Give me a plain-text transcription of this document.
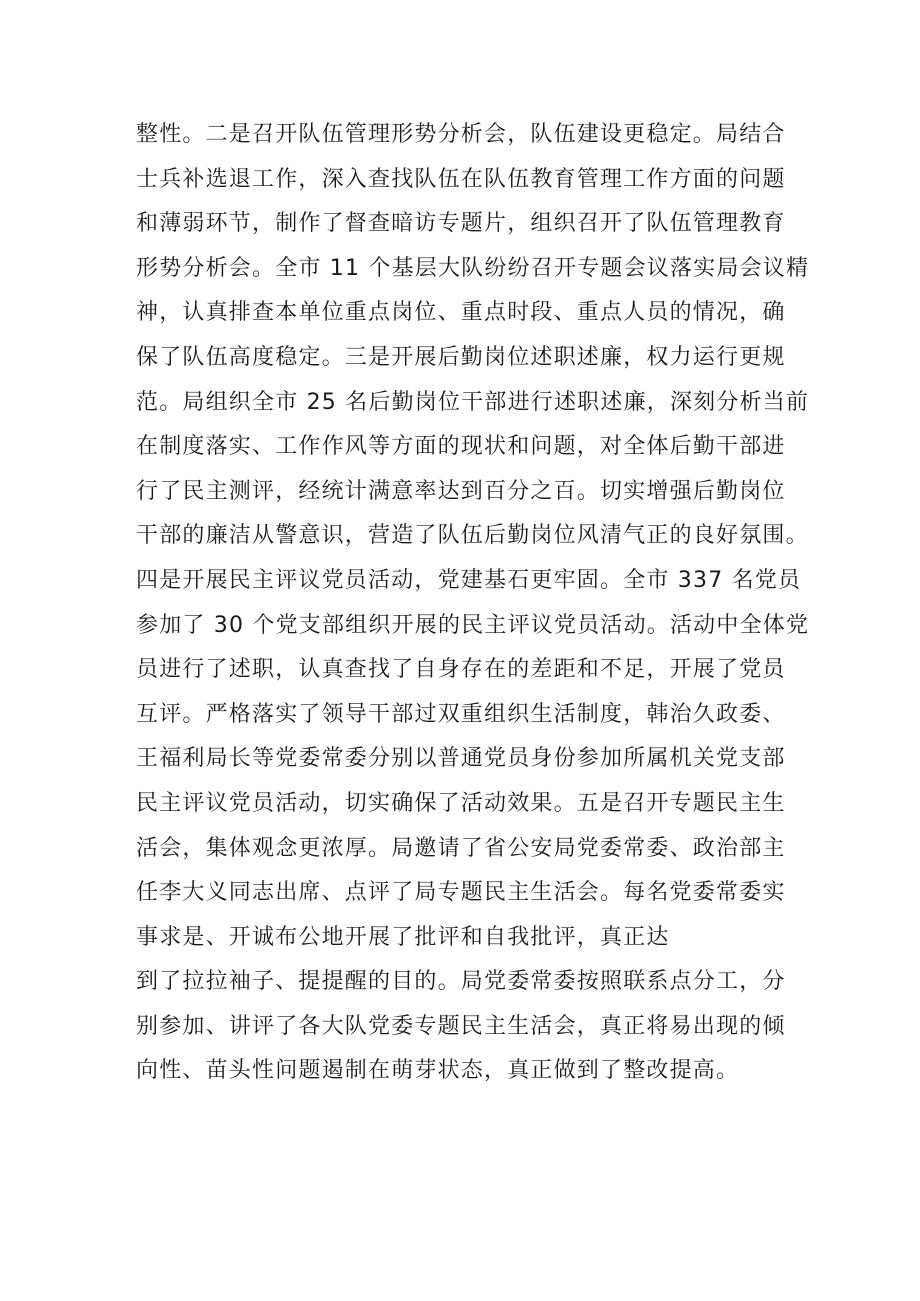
整性。二是召开队伍管理形势分析会，队伍建设更稳定。局结合
士兵补选退工作，深入查找队伍在队伍教育管理工作方面的问题
和薄弱环节，制作了督查暗访专题片，组织召开了队伍管理教育
形势分析会。全市 11 个基层大队纷纷召开专题会议落实局会议精
神，认真排查本单位重点岗位、重点时段、重点人员的情况，确
保了队伍高度稳定。三是开展后勤岗位述职述廉，权力运行更规
范。局组织全市 25 名后勤岗位干部进行述职述廉，深刻分析当前
在制度落实、工作作风等方面的现状和问题，对全体后勤干部进
行了民主测评，经统计满意率达到百分之百。切实增强后勤岗位
干部的廉洁从警意识，营造了队伍后勤岗位风清气正的良好氛围。
四是开展民主评议党员活动，党建基石更牢固。全市 337 名党员
参加了 30 个党支部组织开展的民主评议党员活动。活动中全体党
员进行了述职，认真查找了自身存在的差距和不足，开展了党员
互评。严格落实了领导干部过双重组织生活制度，韩治久政委、
王福利局长等党委常委分别以普通党员身份参加所属机关党支部
民主评议党员活动，切实确保了活动效果。五是召开专题民主生
活会，集体观念更浓厚。局邀请了省公安局党委常委、政治部主
任李大义同志出席、点评了局专题民主生活会。每名党委常委实
事求是、开诚布公地开展了批评和自我批评，真正达
到了拉拉袖子、提提醒的目的。局党委常委按照联系点分工，分
别参加、讲评了各大队党委专题民主生活会，真正将易出现的倾
向性、苗头性问题遏制在萌芽状态，真正做到了整改提高。
